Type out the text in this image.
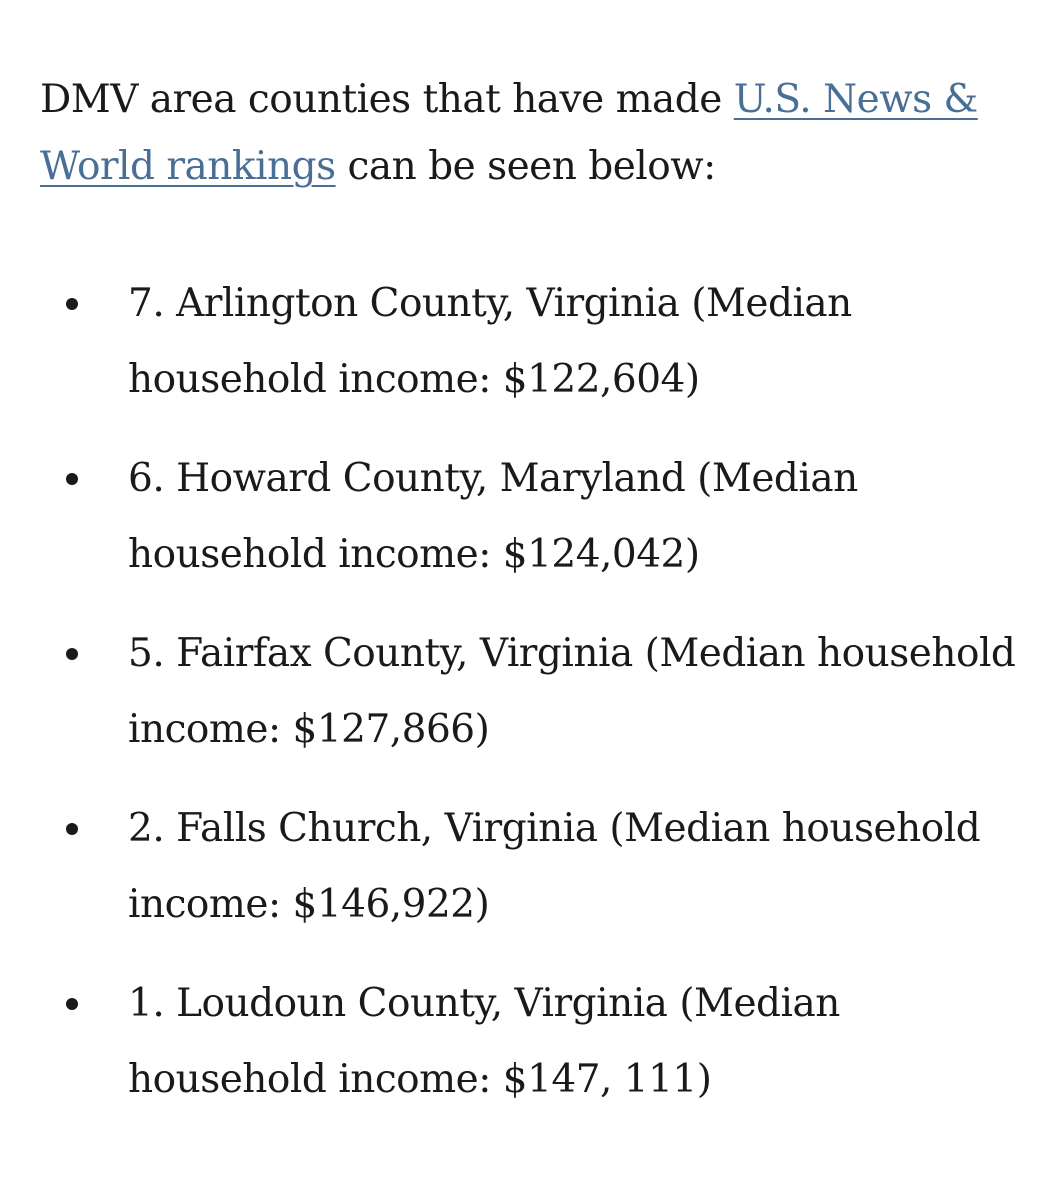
DMV area counties that have made U.S. News & World rankings can be seen below:

7. Arlington County, Virginia (Median household income: $122,604)
6. Howard County, Maryland (Median household income: $124,042)
5. Fairfax County, Virginia (Median household income: $127,866)
2. Falls Church, Virginia (Median household income: $146,922)
1. Loudoun County, Virginia (Median household income: $147, 111)
